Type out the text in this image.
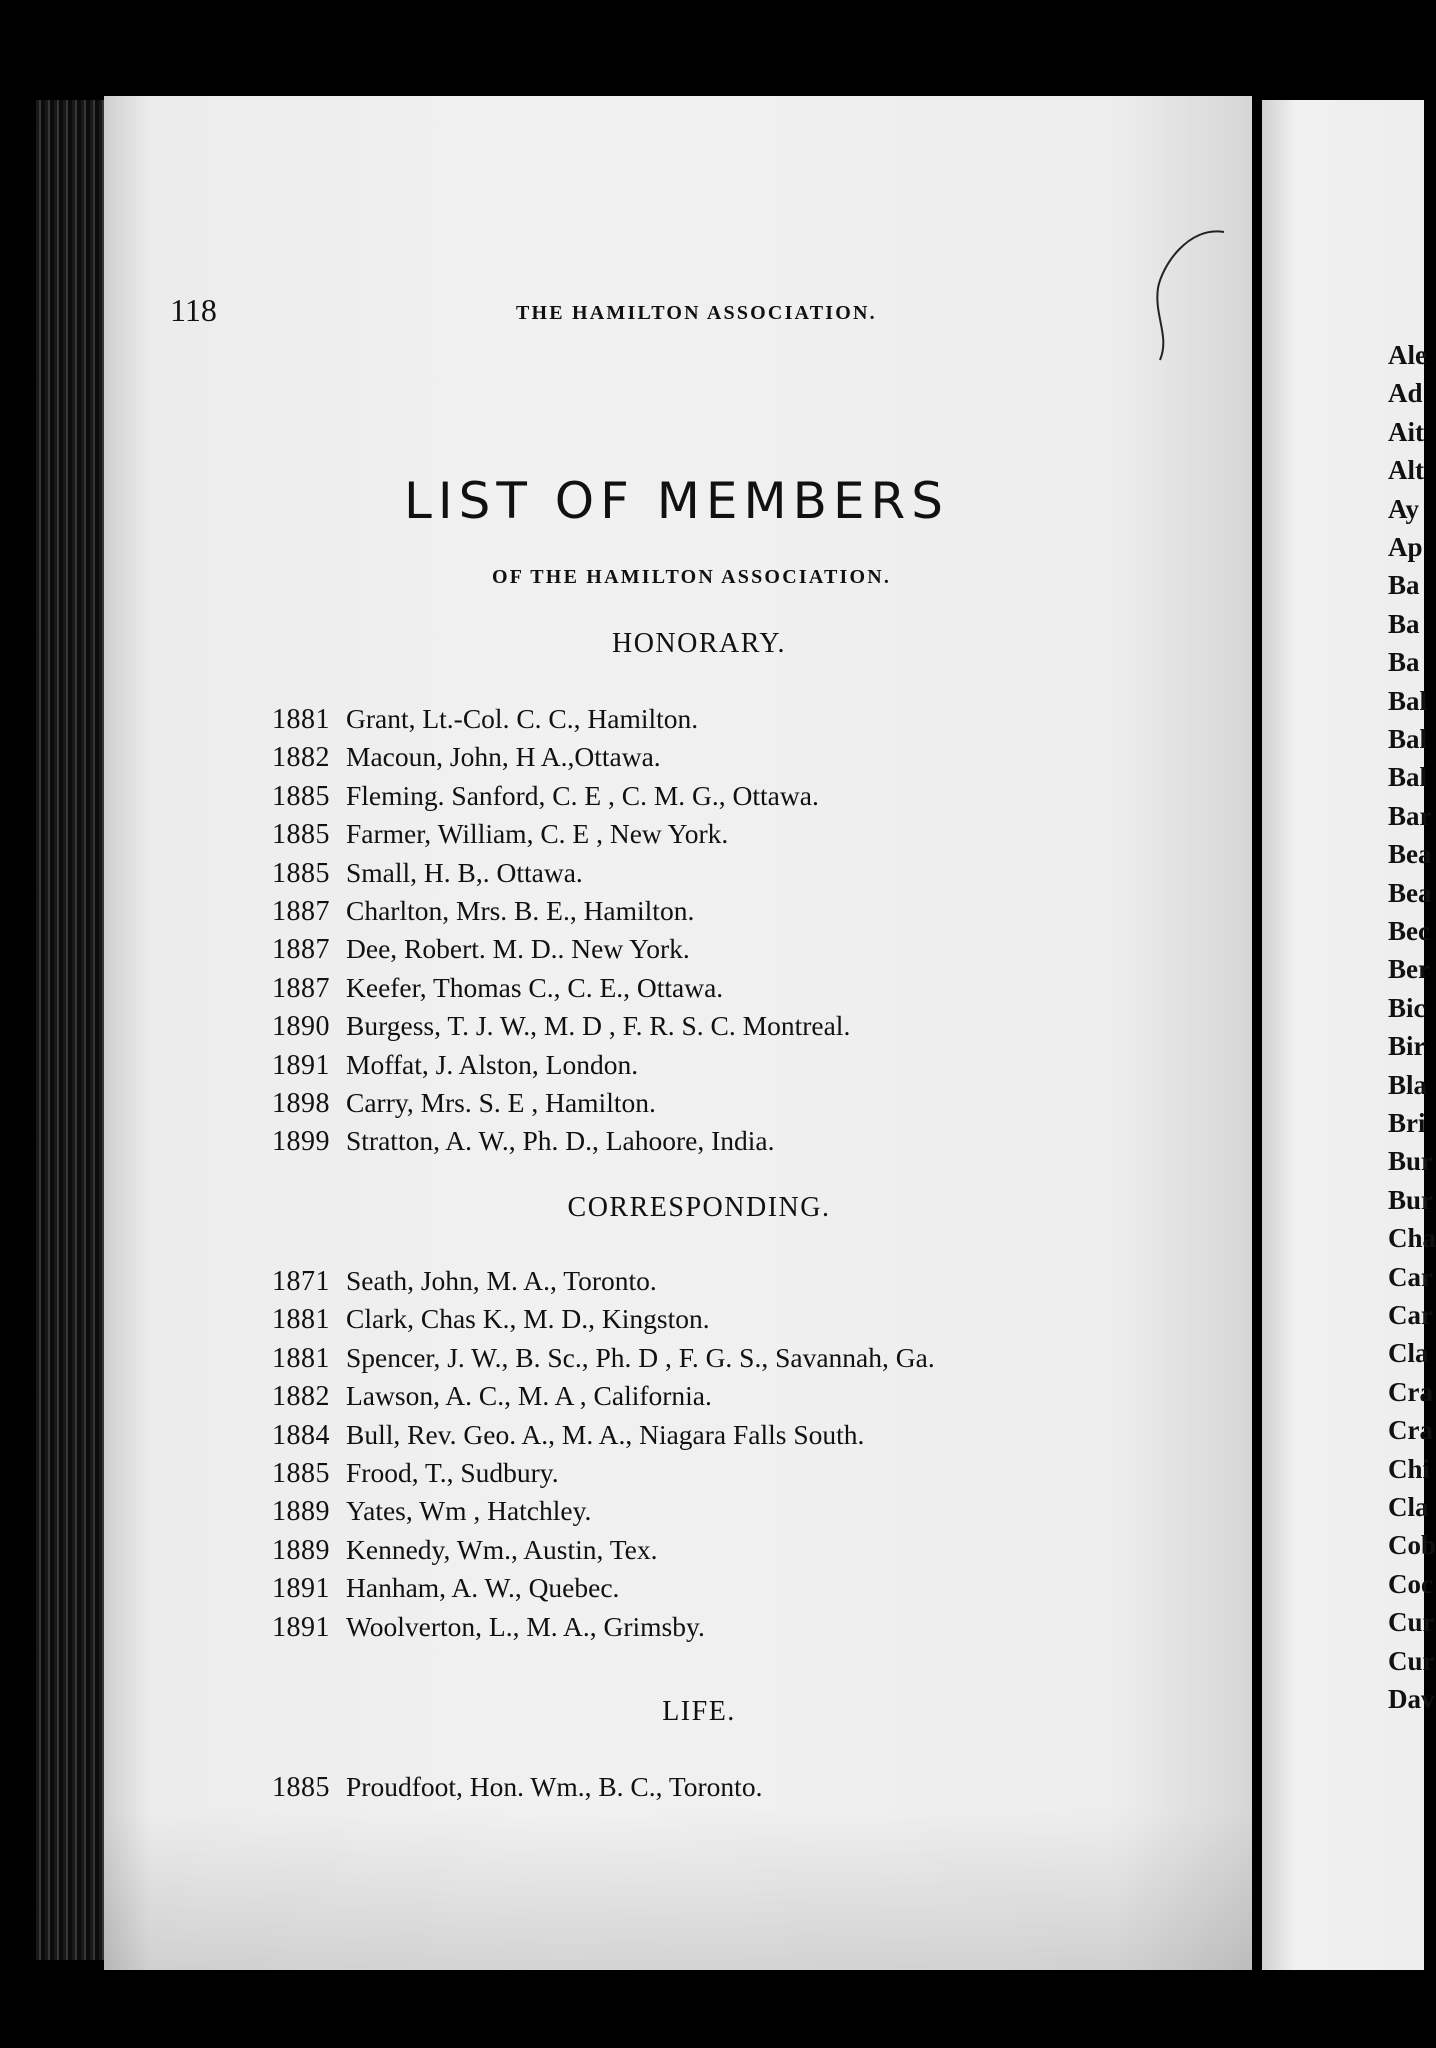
Ale
Ad
Ait
Alt
Ay
Ap
Ba
Ba
Ba
Bal
Bal
Bal
Bar
Bea
Bea
Bec
Ber
Bic
Bir
Bla
Bri
Bur
Bur
Cha
Car
Car
Cla
Cra
Cra
Chi
Cla
Cob
Coc
Cur
Cur
Dav
118	THE HAMILTON ASSOCIATION.
LIST OF MEMBERS
OF THE HAMILTON ASSOCIATION.
HONORARY.
1881 Grant, Lt.-Col. C. C., Hamilton.
1882 Macoun, John, H A.,Ottawa.
1885 Fleming. Sanford, C. E , C. M. G., Ottawa.
1885 Farmer, William, C. E , New York.
1885 Small, H. B,. Ottawa.
1887 Charlton, Mrs. B. E., Hamilton.
1887 Dee, Robert. M. D.. New York.
1887 Keefer, Thomas C., C. E., Ottawa.
1890 Burgess, T. J. W., M. D , F. R. S. C. Montreal.
1891 Moffat, J. Alston, London.
1898 Carry, Mrs. S. E , Hamilton.
1899 Stratton, A. W., Ph. D., Lahoore, India.
CORRESPONDING.
1871 Seath, John, M. A., Toronto.
1881 Clark, Chas K., M. D., Kingston.
1881 Spencer, J. W., B. Sc., Ph. D , F. G. S., Savannah, Ga.
1882 Lawson, A. C., M. A , California.
1884 Bull, Rev. Geo. A., M. A., Niagara Falls South.
1885 Frood, T., Sudbury.
1889 Yates, Wm , Hatchley.
1889 Kennedy, Wm., Austin, Tex.
1891 Hanham, A. W., Quebec.
1891 Woolverton, L., M. A., Grimsby.
LIFE.
1885 Proudfoot, Hon. Wm., B. C., Toronto.
